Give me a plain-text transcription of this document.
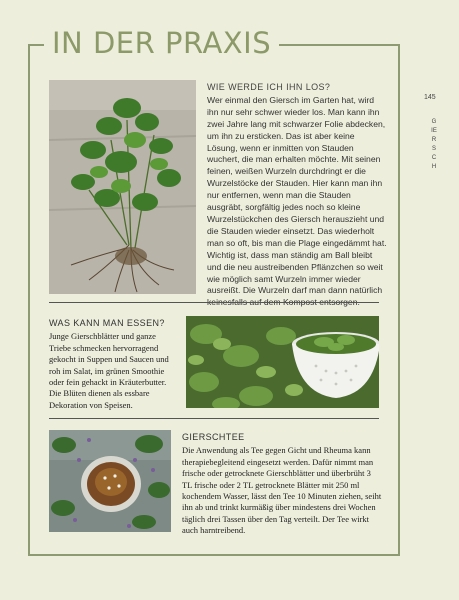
IN DER PRAXIS
145
GIERSCH
WIE WERDE ICH IHN LOS?
Wer einmal den Giersch im Garten hat, wird ihn nur sehr schwer wieder los. Man kann ihn zwei Jahre lang mit schwarzer Folie abdecken, um ihn zu ersticken. Das ist aber keine Lösung, wenn er inmitten von Stauden wuchert, die man erhalten möchte. Mit seinen feinen, weißen Wurzeln durchdringt er die Wurzelstöcke der Stauden. Hier kann man ihn nur entfernen, wenn man die Stauden ausgräbt, sorgfältig jedes noch so kleine Wurzelstückchen des Giersch herauszieht und die Stauden wieder einsetzt. Das wiederholt man so oft, bis man die Plage eingedämmt hat. Wichtig ist, dass man ständig am Ball bleibt und die neu austreibenden Pflänzchen so weit wie möglich samt Wurzeln immer wieder ausreißt. Die Wurzeln darf man dann natürlich
WAS KANN MAN ESSEN?
Junge Gierschblätter und ganze Triebe schmecken hervorragend gekocht in Suppen und Saucen und roh im Salat, im grünen Smoothie oder fein gehackt in Kräuterbutter. Die Blüten dienen als essbare Dekoration von Speisen.
GIERSCHTEE
Die Anwendung als Tee gegen Gicht und Rheuma kann therapiebegleitend eingesetzt werden. Dafür nimmt man frische oder getrocknete Gierschblätter und überbrüht 3 TL frische oder 2 TL getrocknete Blätter mit 250 ml kochendem Wasser, lässt den Tee 10 Minuten ziehen, seiht ihn ab und trinkt kurmäßig über mindestens drei Wochen täglich drei Tassen über den Tag verteilt. Der Tee wirkt auch harntreibend.
